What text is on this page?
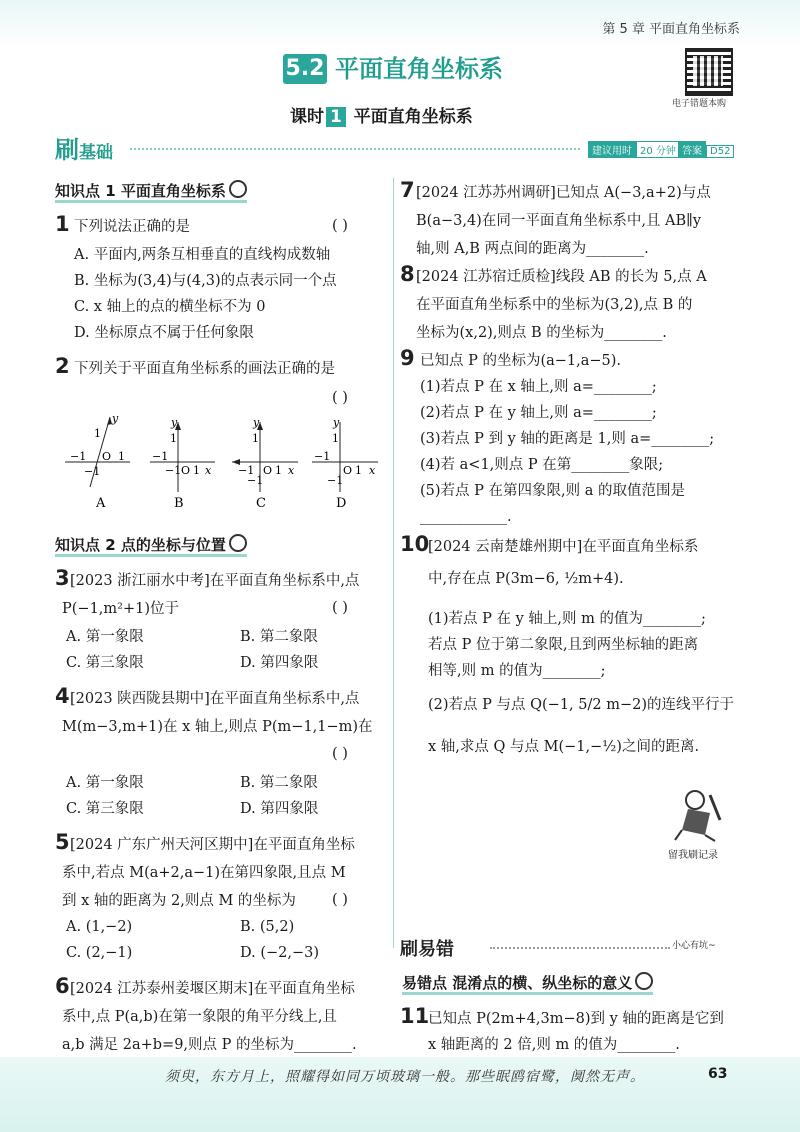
第 5 章 平面直角坐标系
电子错题本购
5.2 平面直角坐标系
课时 1 平面直角坐标系
刷基础	建议用时 20 分钟 答案 D52
知识点 1 平面直角坐标系
1 下列说法正确的是	( )
A. 平面内,两条互相垂直的直线构成数轴
B. 坐标为(3,4)与(4,3)的点表示同一个点
C. x 轴上的点的横坐标不为 0
D. 坐标原点不属于任何象限
2 下列关于平面直角坐标系的画法正确的是
( )
−1 O 1
1
−1
y
A
−1
O 1
1
−1 x
y
B
−1 O 1
1
−1
x
y
C
−1
O 1
1
−1
x
y
D
知识点 2 点的坐标与位置
3 [2023 浙江丽水中考]在平面直角坐标系中,点
P(−1,m²+1)位于	( )
A. 第一象限	B. 第二象限
C. 第三象限	D. 第四象限
4 [2023 陕西陇县期中]在平面直角坐标系中,点
M(m−3,m+1)在 x 轴上,则点 P(m−1,1−m)在
( )
A. 第一象限	B. 第二象限
C. 第三象限	D. 第四象限
5 [2024 广东广州天河区期中]在平面直角坐标
系中,若点 M(a+2,a−1)在第四象限,且点 M
到 x 轴的距离为 2,则点 M 的坐标为 ( )
A. (1,−2)	B. (5,2)
C. (2,−1)	D. (−2,−3)
6 [2024 江苏泰州姜堰区期末]在平面直角坐标
系中,点 P(a,b)在第一象限的角平分线上,且
a,b 满足 2a+b=9,则点 P 的坐标为________.
7 [2024 江苏苏州调研]已知点 A(−3,a+2)与点
B(a−3,4)在同一平面直角坐标系中,且 AB∥y
轴,则 A,B 两点间的距离为________.
8 [2024 江苏宿迁质检]线段 AB 的长为 5,点 A
在平面直角坐标系中的坐标为(3,2),点 B 的
坐标为(x,2),则点 B 的坐标为________.
9 已知点 P 的坐标为(a−1,a−5).
(1)若点 P 在 x 轴上,则 a=________;
(2)若点 P 在 y 轴上,则 a=________;
(3)若点 P 到 y 轴的距离是 1,则 a=________;
(4)若 a<1,则点 P 在第________象限;
(5)若点 P 在第四象限,则 a 的取值范围是
____________.
10
[2024 云南楚雄州期中]在平面直角坐标系
中,存在点 P(3m−6, ½m+4).
(1)若点 P 在 y 轴上,则 m 的值为________;
若点 P 位于第二象限,且到两坐标轴的距离
相等,则 m 的值为________;
(2)若点 P 与点 Q(−1, 5/2 m−2)的连线平行于
x 轴,求点 Q 与点 M(−1,−½)之间的距离.
留我刷记录
刷易错	小心有坑~
易错点 混淆点的横、纵坐标的意义
11
已知点 P(2m+4,3m−8)到 y 轴的距离是它到
x 轴距离的 2 倍,则 m 的值为________.
须臾，东方月上，照耀得如同万顷玻璃一般。那些眠鸥宿鹭，阒然无声。	63
